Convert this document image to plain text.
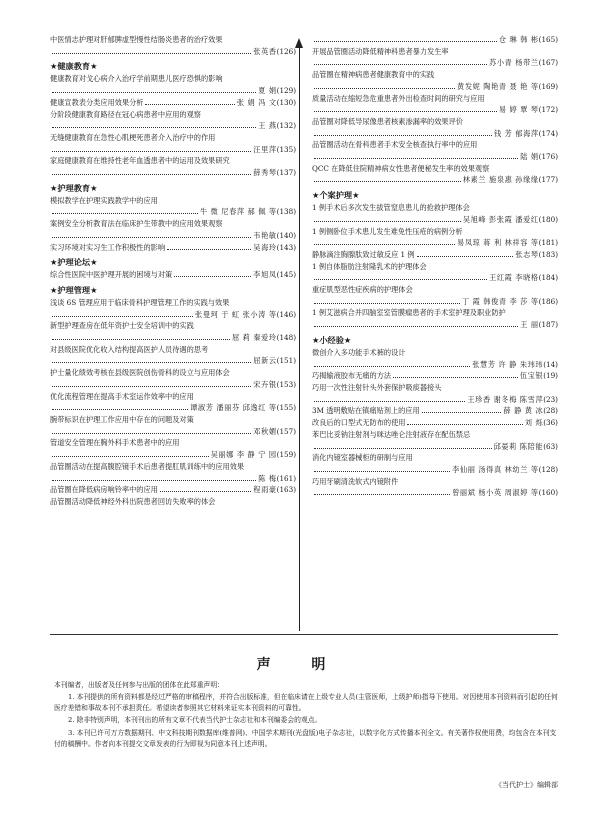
中医情志护理对肝郁脾虚型慢性结肠炎患者的治疗效果
张英香 (126)
★健康教育★
健康教育对戈心病介入治疗学前期患儿医疗恐惧的影响
夏 娟 (129)
健康宣教表分类应用效果分析	张 娟 冯 文 (130)
分阶段健康教育路径在冠心病患者中应用的观察
王 燕 (132)
无缝健康教育在急性心肌梗死患者介入治疗中的作用
汪里萍 (135)
家庭健康教育在维持性老年血透患者中的运用及效果研究
薛秀琴 (137)
★护理教育★
模拟教学在护理实践教学中的应用
牛 微 尼春萍 郝 佩 等 (138)
案例安全分析教育法在临床护生带教中的应用效果观察
韦艳敏 (140)
实习环境对实习生工作积极性的影响	吴海玲 (143)
★护理论坛★
综合性医院中医护理开展的困境与对策	李旭凤 (145)
★护理管理★
浅谈 6S 管理应用于临床骨科护理管理工作的实践与效果
张曼珂 于 虹 张小涛 等 (146)
新型护理查房在低年资护士安全培训中的实践
屈 莉 秦爱玲 (148)
对县级医院优化收入结构提高医护人员待遇的思考
屈新云 (151)
护士量化绩效考核在县级医院创伤骨科的设立与应用体会
宋卉银 (153)
优化流程管理在提高手术室运作效率中的应用
谭淑芳 潘丽芬 邱逸红 等 (155)
腕带标识在护理工作应用中存在的问题及对策
邓秋媚 (157)
管道安全管理在胸外科手术患者中的应用
吴丽娜 李 静 宁 园 (159)
品管圈活动在提高腹腔镜手术后患者提肛肌训练中的应用效果
陈 梅 (161)
品管圈在降低病房响铃率中的应用	程雨豪 (163)
品管圈活动降低神经外科出院患者回访失败率的体会
仓 琳 韩 彬 (165)
开展品管圈活动降低精神科患者暴力发生率
苏小青 杨带兰 (167)
品管圈在精神病患者健康教育中的实践
黄发妮 陶艳青 聂 艳 等 (169)
质量活动在缩短急危重患者外出检查时间的研究与应用
易 婷 覃 琴 (172)
品管圈对降低导尿像患者核素渗漏率的效果评价
钱 芳 郁海萍 (174)
品管圈活动在骨科患者手术安全核查执行率中的应用
陆 娟 (176)
QCC 在降低住院精神病女性患者便秘发生率的效果观察
林素兰 施泉惠 孙缘缘 (177)
★个案护理★
1 例手术后多次发生拔管窒息患儿的抢救护理体会
吴旭峰 彭张霞 潘爱红 (180)
1 例侧卧位手术患儿发生难免性压疮的病例分析
易凤琼 蒋 利 林祥容 等 (181)
静脉滴注胸腺肽致过敏反应 1 例	张志琴 (183)
1 例自体脂肪注射隆乳术的护理体会
王红霞 李晓格 (184)
重症肌型恶性症疾病的护理体会
丁 霞 韩俊青 李 莎 等 (186)
1 例艾滋病合并四脑室室管膜瘤患者的手术室护理及职业防护
王 丽 (187)
★小经验★
微创介入多功能手术裤的设计
张慧芳 许 静 朱玮玮 (14)
巧揭输液胶布无痛的方法	伍宝银 (19)
巧用一次性注射针头外套保护吸痰器接头
王珍香 谢冬梅 陈雪萍 (23)
3M 透明敷贴在镇痛贴剂上的应用	薛 静 黄 冰 (28)
改良后的口型式无防布的使用	刘 烁 (36)
苯巴比妥钠注射剂与咪达唑仑注射液存在配伍禁忌
邱晏莉 陈陪能 (63)
消化内镜室器械柜的研制与应用
李仙丽 汤得真 林幼兰 等 (128)
巧用牙刷清洗软式内镜附件
曾丽斌 杨小英 周淑婷 等 (160)
声 明

本刊编者，出版者及任何参与出版的团体在此郑重声明：

1. 本刊提供的所有资料都是经过严格的审稿程序，并符合出版标准，但在临床请在上级专业人员(主管医师，上级护师)指导下使用。对因使用本刊资料而引起的任何医疗差错和事故本刊不承担责任。希望读者参照其它材料来证实本刊资料的可靠性。

2. 除非特别声明，本刊刊出的所有文章不代表当代护士杂志社和本刊编委会的观点。

3. 本刊已许可万方数据期刊、中文科技期刊数据库(维普网)、中国学术期刊(光盘版)电子杂志社，以数字化方式传播本刊全文。有关著作权使用费，均包含在本刊支付的稿酬中。作者向本刊提交文章发表的行为即视为同意本刊上述声明。

《当代护士》编辑部
